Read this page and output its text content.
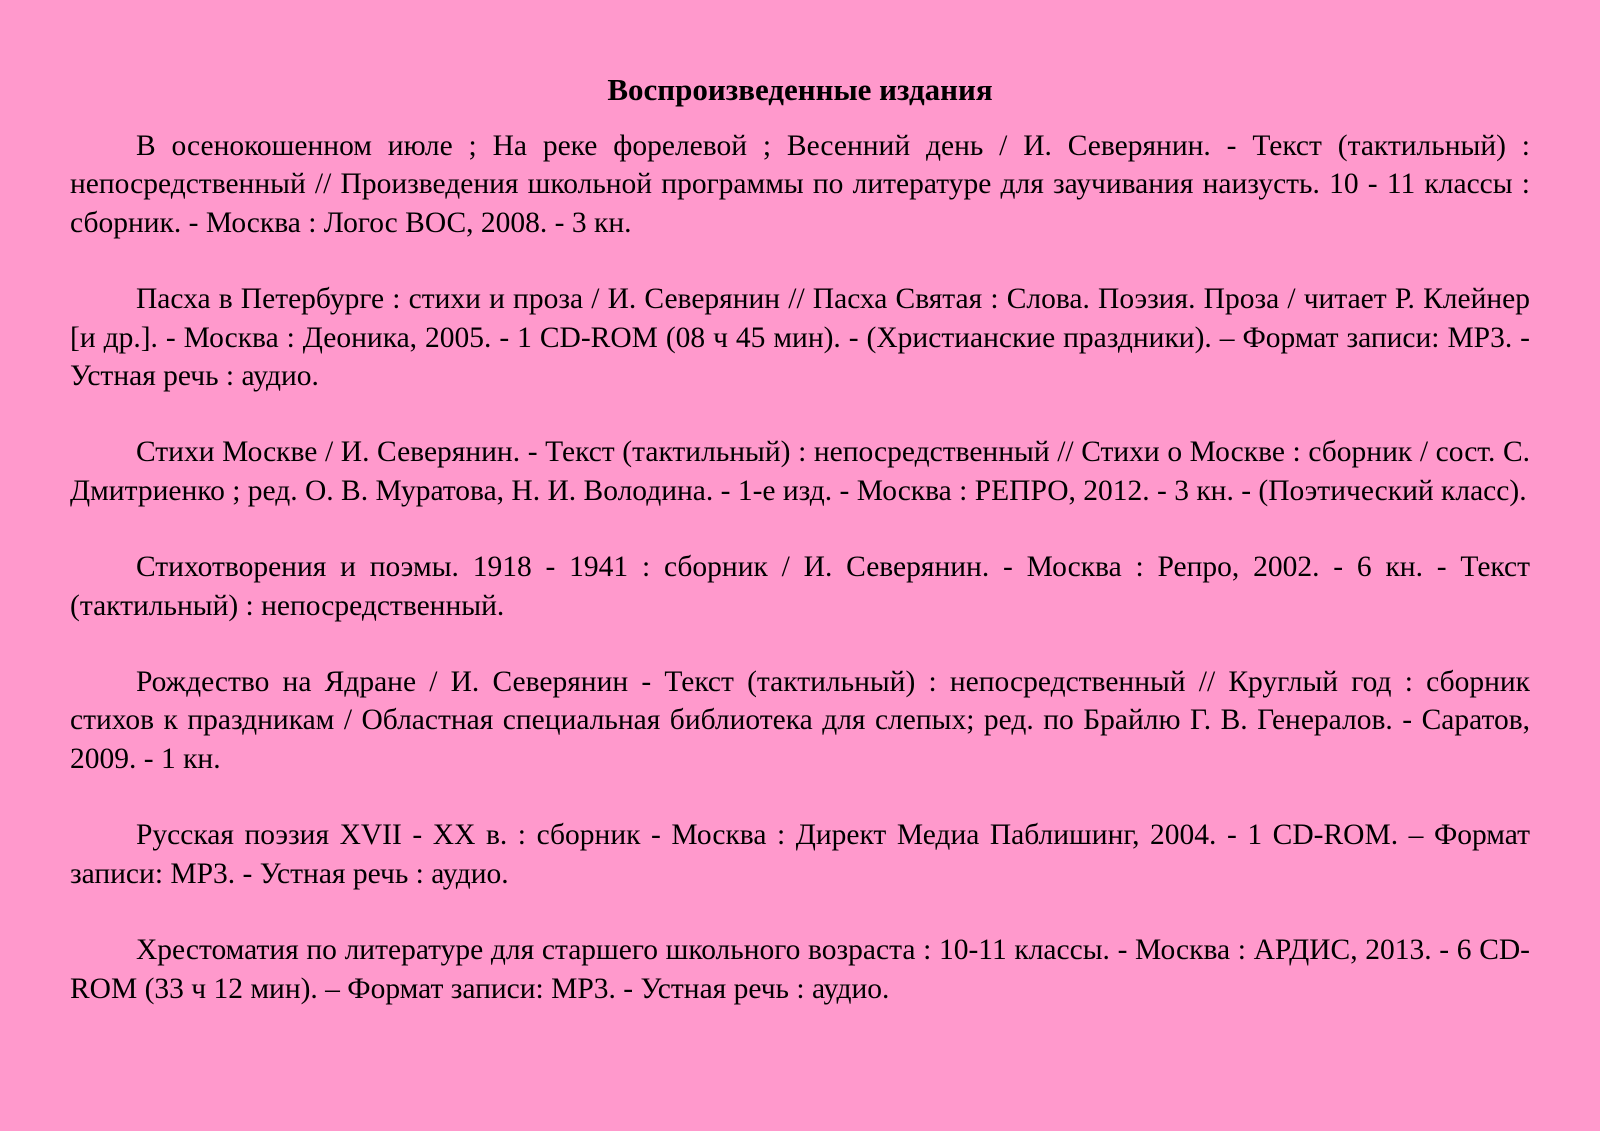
Воспроизведенные издания

В осенокошенном июле ; На реке форелевой ; Весенний день / И. Северянин. - Текст (тактильный) : непосредственный // Произведения школьной программы по литературе для заучивания наизусть. 10 - 11 классы : сборник. - Москва : Логос ВОС, 2008. - 3 кн.

Пасха в Петербурге : стихи и проза / И. Северянин // Пасха Святая : Слова. Поэзия. Проза / читает Р. Клейнер [и др.]. - Москва : Деоника, 2005. - 1 CD-ROM (08 ч 45 мин). - (Христианские праздники). – Формат записи: МР3. - Устная речь : аудио.

Стихи Москве / И. Северянин. - Текст (тактильный) : непосредственный // Стихи о Москве : сборник / сост. С. Дмитриенко ; ред. О. В. Муратова, Н. И. Володина. - 1-е изд. - Москва : РЕПРО, 2012. - 3 кн. - (Поэтический класс).

Стихотворения и поэмы. 1918 - 1941 : сборник / И. Северянин. - Москва : Репро, 2002. - 6 кн. - Текст (тактильный) : непосредственный.

Рождество на Ядране / И. Северянин - Текст (тактильный) : непосредственный // Круглый год : сборник стихов к праздникам / Областная специальная библиотека для слепых; ред. по Брайлю Г. В. Генералов. - Саратов, 2009. - 1 кн.

Русская поэзия XVII - XX в. : сборник - Москва : Директ Медиа Паблишинг, 2004. - 1 CD-ROM. – Формат записи: МР3. - Устная речь : аудио.

Хрестоматия по литературе для старшего школьного возраста : 10-11 классы. - Москва : АРДИС, 2013. - 6 CD-ROM (33 ч 12 мин). – Формат записи: МР3. - Устная речь : аудио.
